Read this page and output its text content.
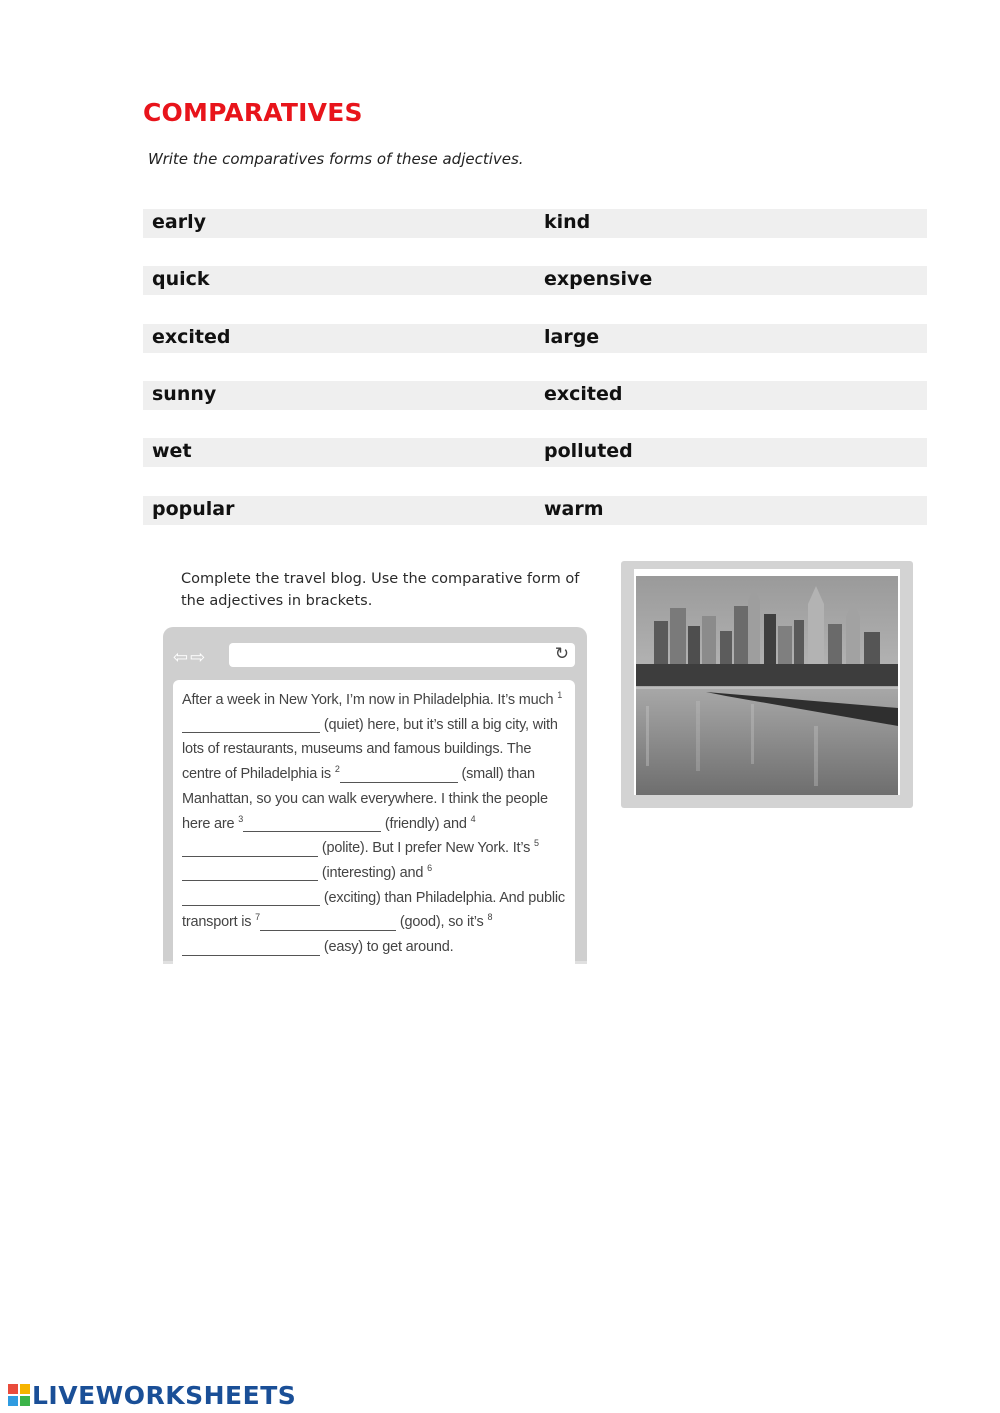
COMPARATIVES
Write the comparatives forms of these adjectives.
early	kind
quick	expensive
excited	large
sunny	excited
wet	polluted
popular	warm
Complete the travel blog. Use the comparative form of the adjectives in brackets.
⇦⇨	↻
After a week in New York, I’m now in Philadelphia. It’s much $^1$ (quiet) here, but it’s still a big city, with lots of restaurants, museums and famous buildings. The centre of Philadelphia is $^2$	(small) than Manhattan, so you can walk everywhere. I think the people here are $^3$	(friendly) and $^4$ (polite). But I prefer New York. It’s $^5$ (interesting) and $^6$ (exciting) than Philadelphia. And public transport is $^7$	(good), so it’s $^8$ (easy) to get around.
LIVEWORKSHEETS
